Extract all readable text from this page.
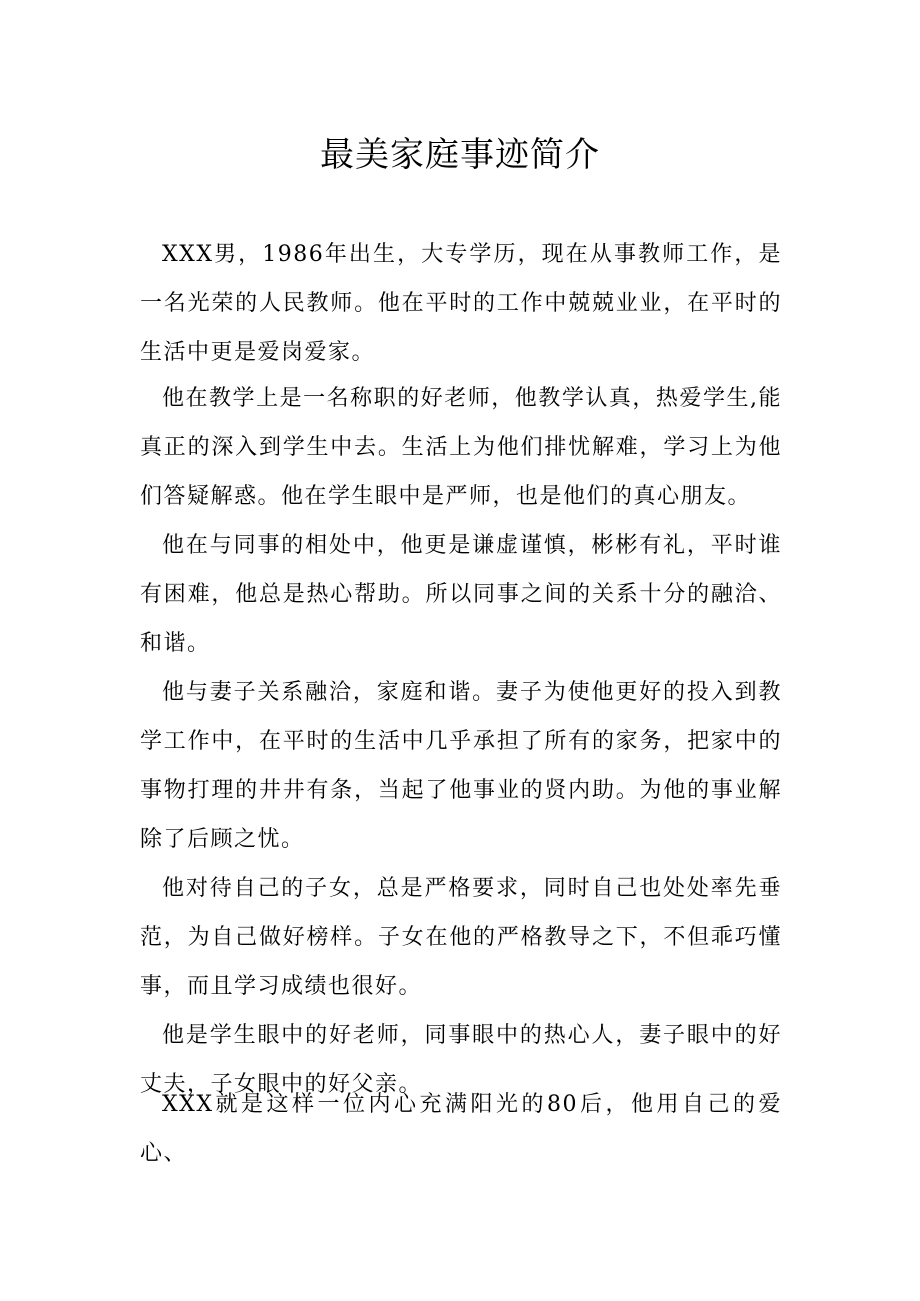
最美家庭事迹简介

XXX男，1986年出生，大专学历，现在从事教师工作，是一名光荣的人民教师。他在平时的工作中兢兢业业，在平时的生活中更是爱岗爱家。

他在教学上是一名称职的好老师，他教学认真，热爱学生,能真正的深入到学生中去。生活上为他们排忧解难，学习上为他们答疑解惑。他在学生眼中是严师，也是他们的真心朋友。

他在与同事的相处中，他更是谦虚谨慎，彬彬有礼，平时谁有困难，他总是热心帮助。所以同事之间的关系十分的融洽、和谐。

他与妻子关系融洽，家庭和谐。妻子为使他更好的投入到教学工作中，在平时的生活中几乎承担了所有的家务，把家中的事物打理的井井有条，当起了他事业的贤内助。为他的事业解除了后顾之忧。

他对待自己的子女，总是严格要求，同时自己也处处率先垂范，为自己做好榜样。子女在他的严格教导之下，不但乖巧懂事，而且学习成绩也很好。

他是学生眼中的好老师，同事眼中的热心人，妻子眼中的好丈夫，子女眼中的好父亲。

XXX就是这样一位内心充满阳光的80后，他用自己的爱心、
